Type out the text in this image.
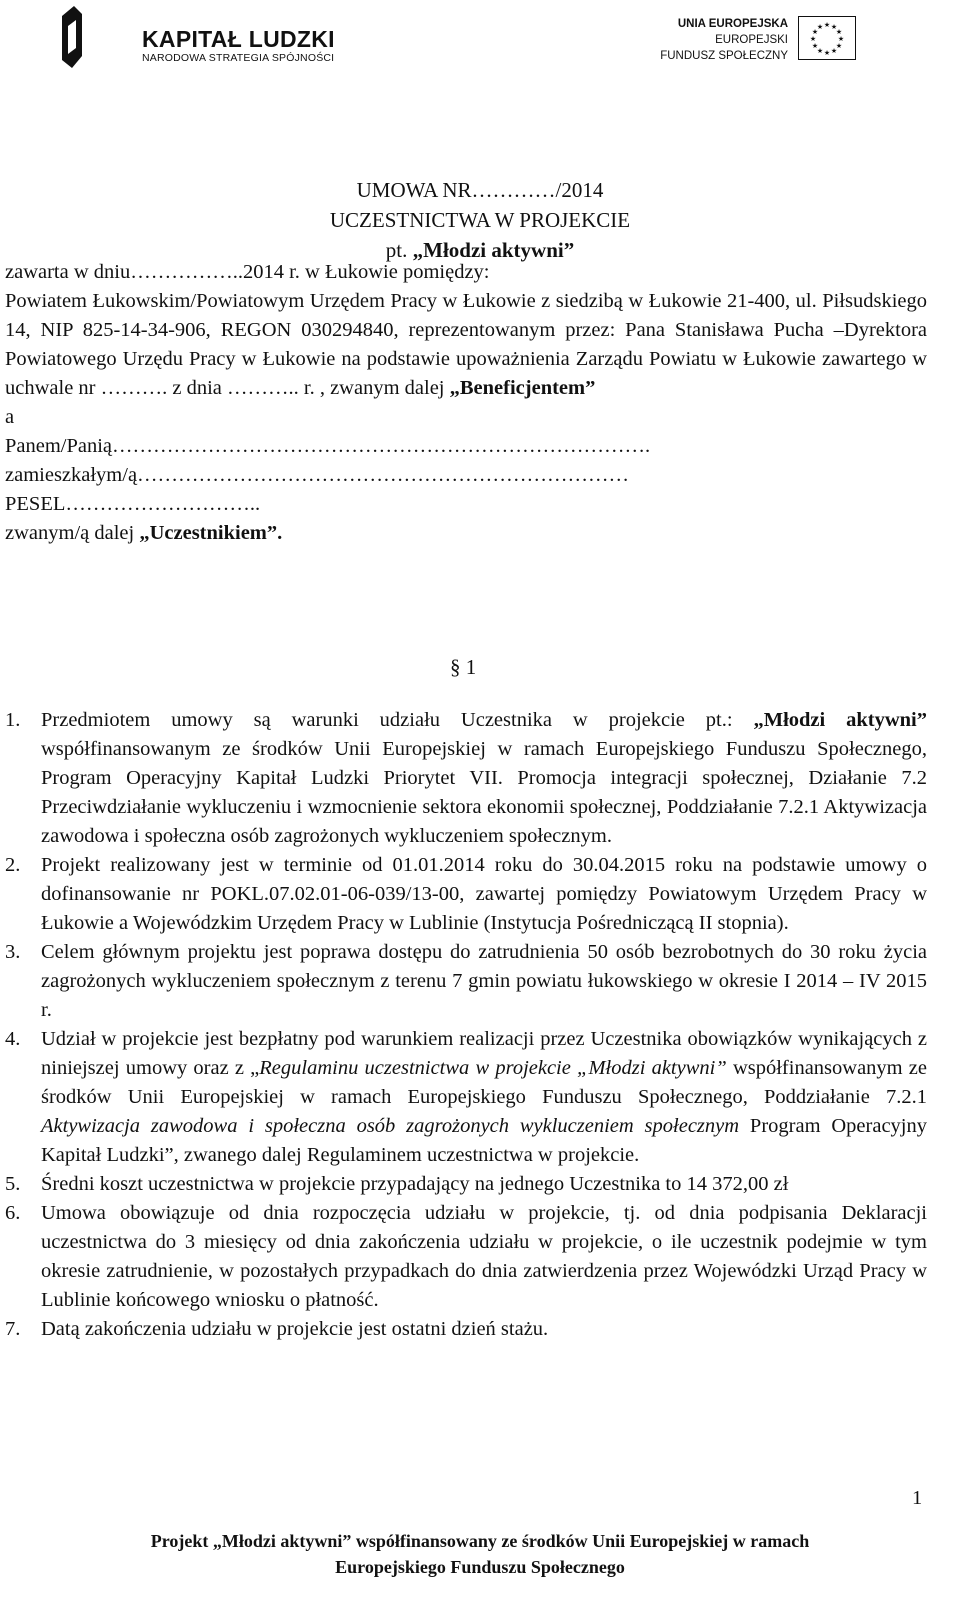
KAPITAŁ LUDZKI
NARODOWA STRATEGIA SPÓJNOŚCI
UNIA EUROPEJSKA
EUROPEJSKI
FUNDUSZ SPOŁECZNY
★ ★
★
★
★
★
★
★
★
★
★
★
UMOWA NR…………/2014
UCZESTNICTWA W PROJEKCIE
pt. „Młodzi aktywni”

zawarta w dniu……………..2014 r. w Łukowie pomiędzy:

Powiatem Łukowskim/Powiatowym Urzędem Pracy w Łukowie z siedzibą w Łukowie 21-400, ul. Piłsudskiego 14, NIP 825-14-34-906, REGON 030294840, reprezentowanym przez: Pana Stanisława Pucha –Dyrektora Powiatowego Urzędu Pracy w Łukowie na podstawie upoważnienia Zarządu Powiatu w Łukowie zawartego w uchwale nr ………. z dnia ……….. r. , zwanym dalej „Beneficjentem”

a

Panem/Panią…………………………………………………………………….

zamieszkałym/ą………………………………………………………………

PESEL………………………..

zwanym/ą dalej „Uczestnikiem”.

§ 1
1. Przedmiotem umowy są warunki udziału Uczestnika w projekcie pt.: „Młodzi aktywni” współfinansowanym ze środków Unii Europejskiej w ramach Europejskiego Funduszu Społecznego, Program Operacyjny Kapitał Ludzki Priorytet VII. Promocja integracji społecznej, Działanie 7.2 Przeciwdziałanie wykluczeniu i wzmocnienie sektora ekonomii społecznej, Poddziałanie 7.2.1 Aktywizacja zawodowa i społeczna osób zagrożonych wykluczeniem społecznym.
2. Projekt realizowany jest w terminie od 01.01.2014 roku do 30.04.2015 roku na podstawie umowy o dofinansowanie nr POKL.07.02.01-06-039/13-00, zawartej pomiędzy Powiatowym Urzędem Pracy w Łukowie a Wojewódzkim Urzędem Pracy w Lublinie (Instytucja Pośredniczącą II stopnia).
3. Celem głównym projektu jest poprawa dostępu do zatrudnienia 50 osób bezrobotnych do 30 roku życia zagrożonych wykluczeniem społecznym z terenu 7 gmin powiatu łukowskiego w okresie I 2014 – IV 2015 r.
4. Udział w projekcie jest bezpłatny pod warunkiem realizacji przez Uczestnika obowiązków wynikających z niniejszej umowy oraz z „Regulaminu uczestnictwa w projekcie „Młodzi aktywni” współfinansowanym ze środków Unii Europejskiej w ramach Europejskiego Funduszu Społecznego, Poddziałanie 7.2.1 Aktywizacja zawodowa i społeczna osób zagrożonych wykluczeniem społecznym Program Operacyjny Kapitał Ludzki”, zwanego dalej Regulaminem uczestnictwa w projekcie.
5. Średni koszt uczestnictwa w projekcie przypadający na jednego Uczestnika to 14 372,00 zł
6. Umowa obowiązuje od dnia rozpoczęcia udziału w projekcie, tj. od dnia podpisania Deklaracji uczestnictwa do 3 miesięcy od dnia zakończenia udziału w projekcie, o ile uczestnik podejmie w tym okresie zatrudnienie, w pozostałych przypadkach do dnia zatwierdzenia przez Wojewódzki Urząd Pracy w Lublinie końcowego wniosku o płatność.
7. Datą zakończenia udziału w projekcie jest ostatni dzień stażu.
1
Projekt „Młodzi aktywni” współfinansowany ze środków Unii Europejskiej w ramach
Europejskiego Funduszu Społecznego
